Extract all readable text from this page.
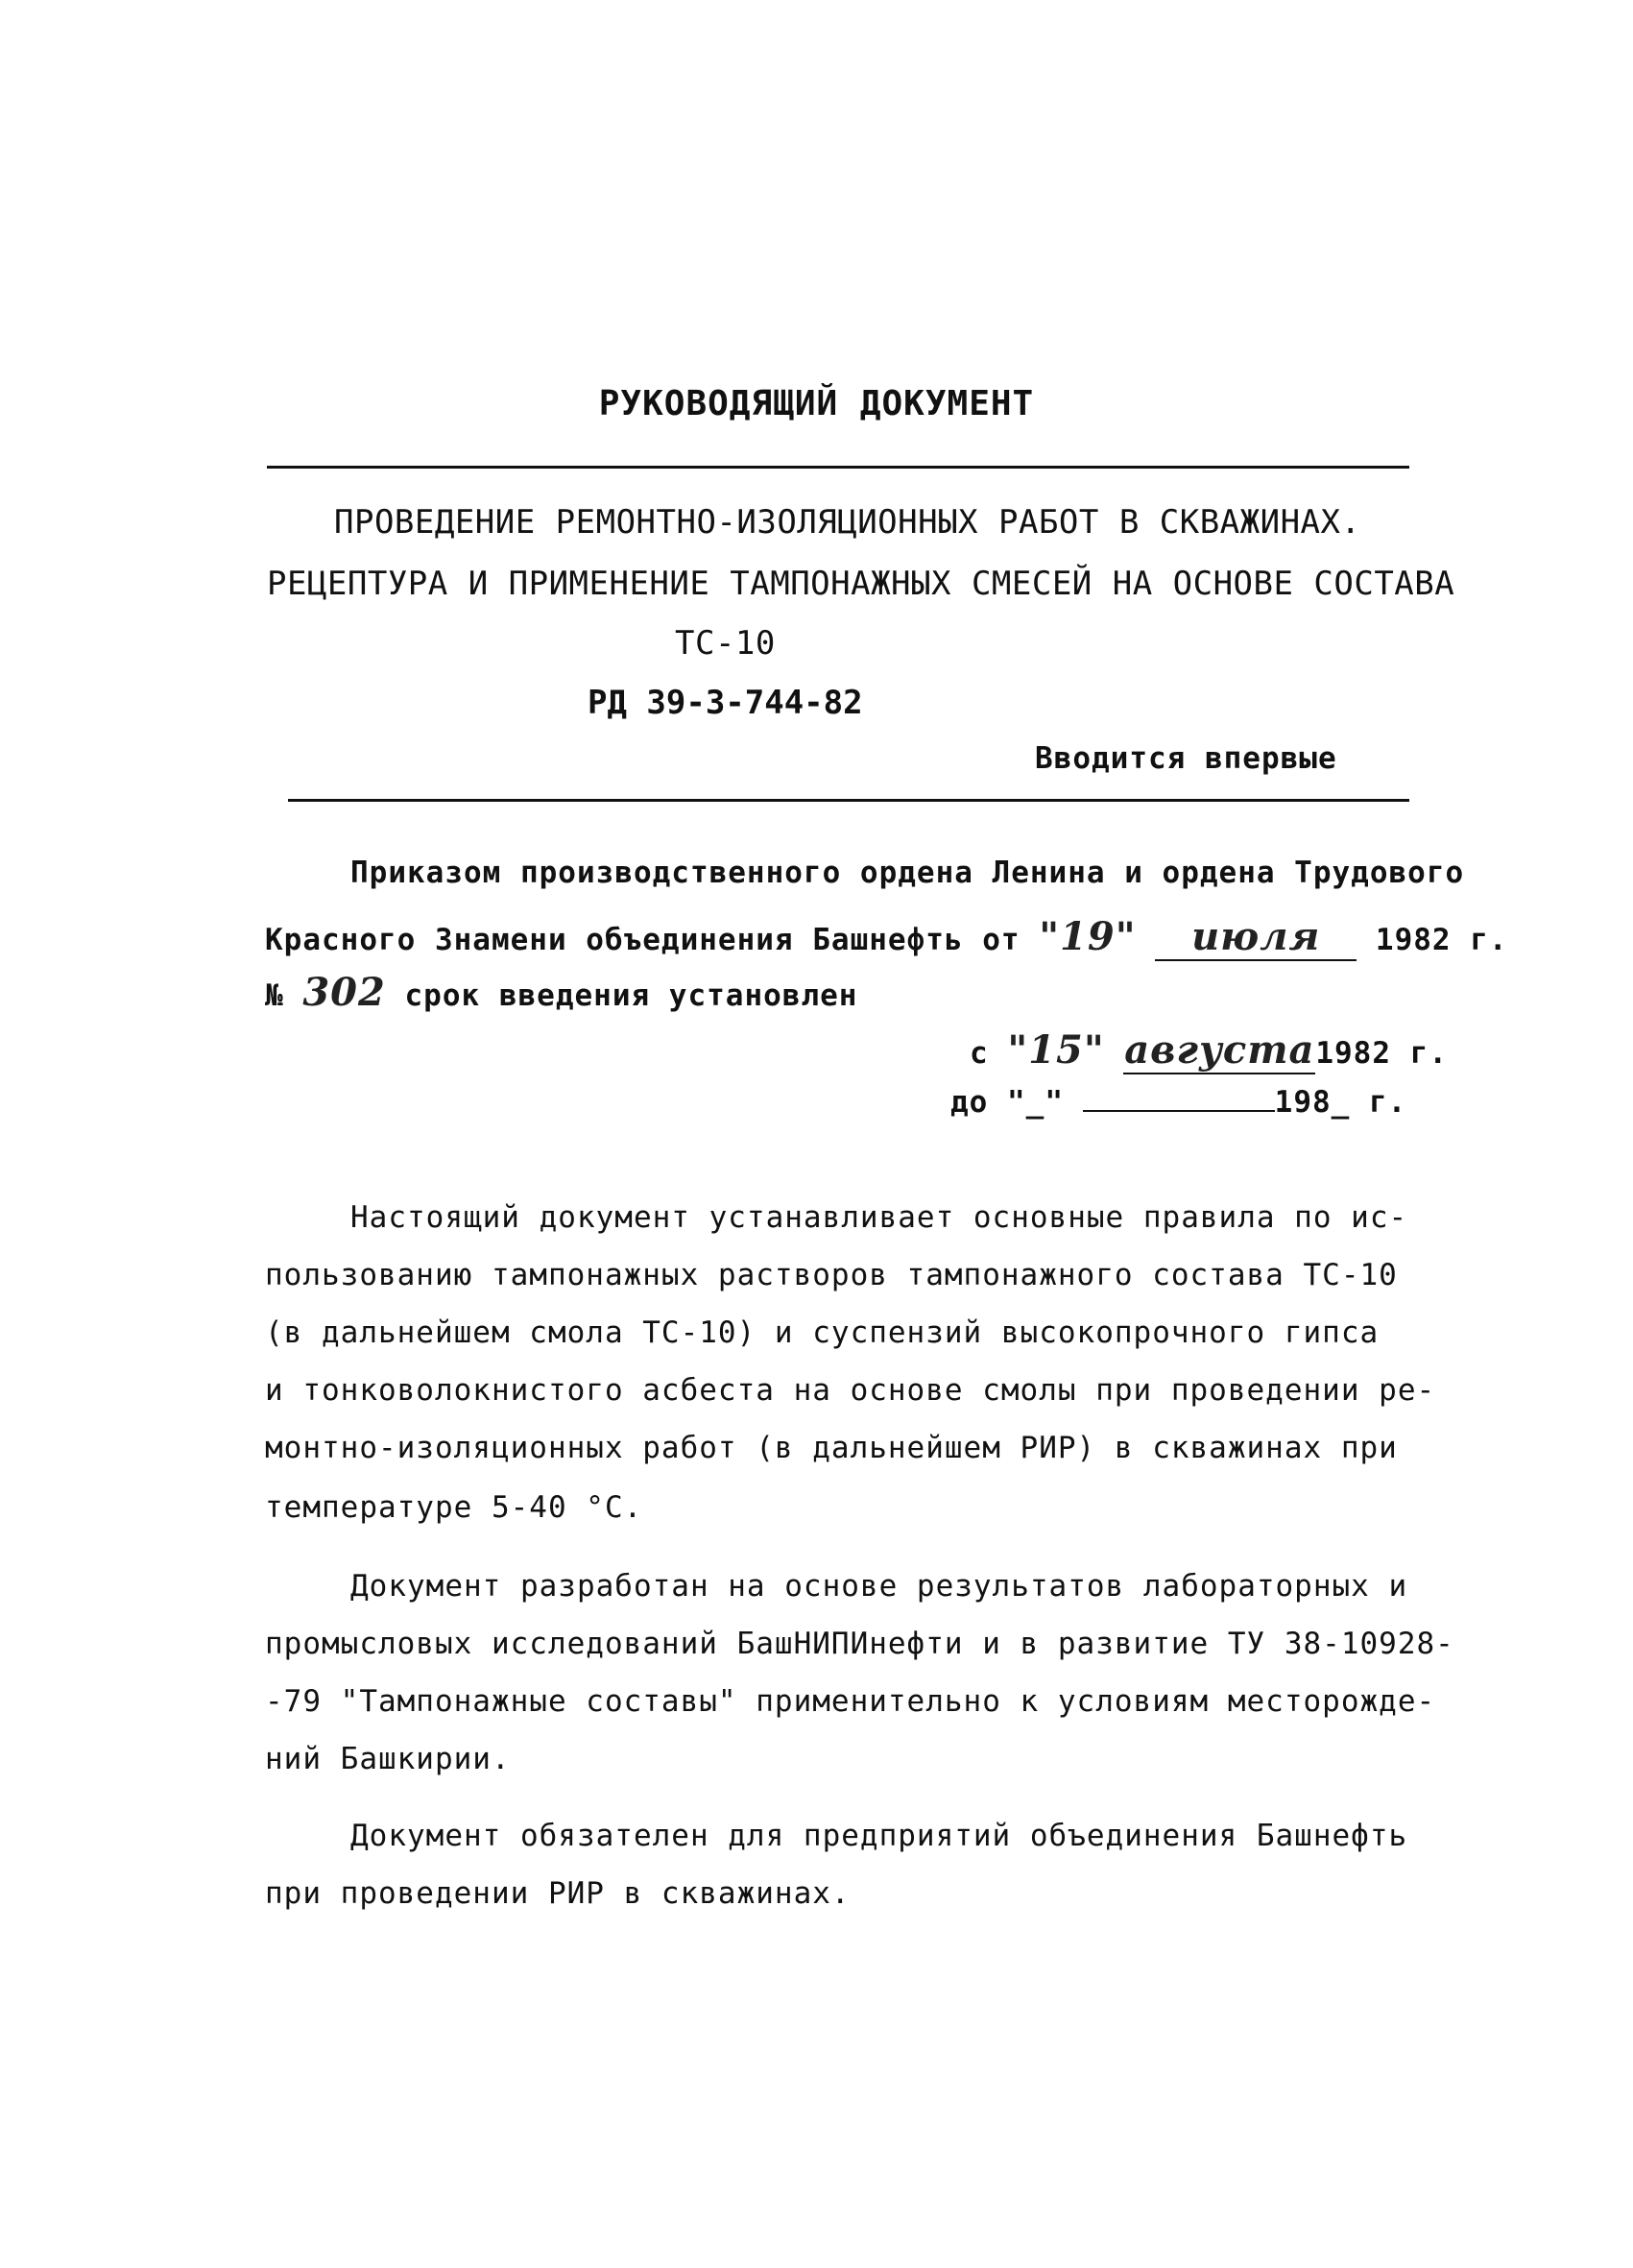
РУКОВОДЯЩИЙ ДОКУМЕНТ
ПРОВЕДЕНИЕ РЕМОНТНО-ИЗОЛЯЦИОННЫХ РАБОТ В СКВАЖИНАХ.
РЕЦЕПТУРА И ПРИМЕНЕНИЕ ТАМПОНАЖНЫХ СМЕСЕЙ НА ОСНОВЕ СОСТАВА
ТС-10
РД 39-3-744-82
Вводится впервые
Приказом производственного ордена Ленина и ордена Трудового
Красного Знамени объединения Башнефть от "19" июля 1982 г.
№ 302 срок введения установлен
с "15" августа1982 г.
до "_"	198_ г.
Настоящий документ устанавливает основные правила по ис-
пользованию тампонажных растворов тампонажного состава ТС-10
(в дальнейшем смола ТС-10) и суспензий высокопрочного гипса
и тонковолокнистого асбеста на основе смолы при проведении ре-
монтно-изоляционных работ (в дальнейшем РИР) в скважинах при
температуре 5-40 °С.
Документ разработан на основе результатов лабораторных и
промысловых исследований БашНИПИнефти и в развитие ТУ 38-10928-
-79 "Тампонажные составы" применительно к условиям месторожде-
ний Башкирии.
Документ обязателен для предприятий объединения Башнефть
при проведении РИР в скважинах.
